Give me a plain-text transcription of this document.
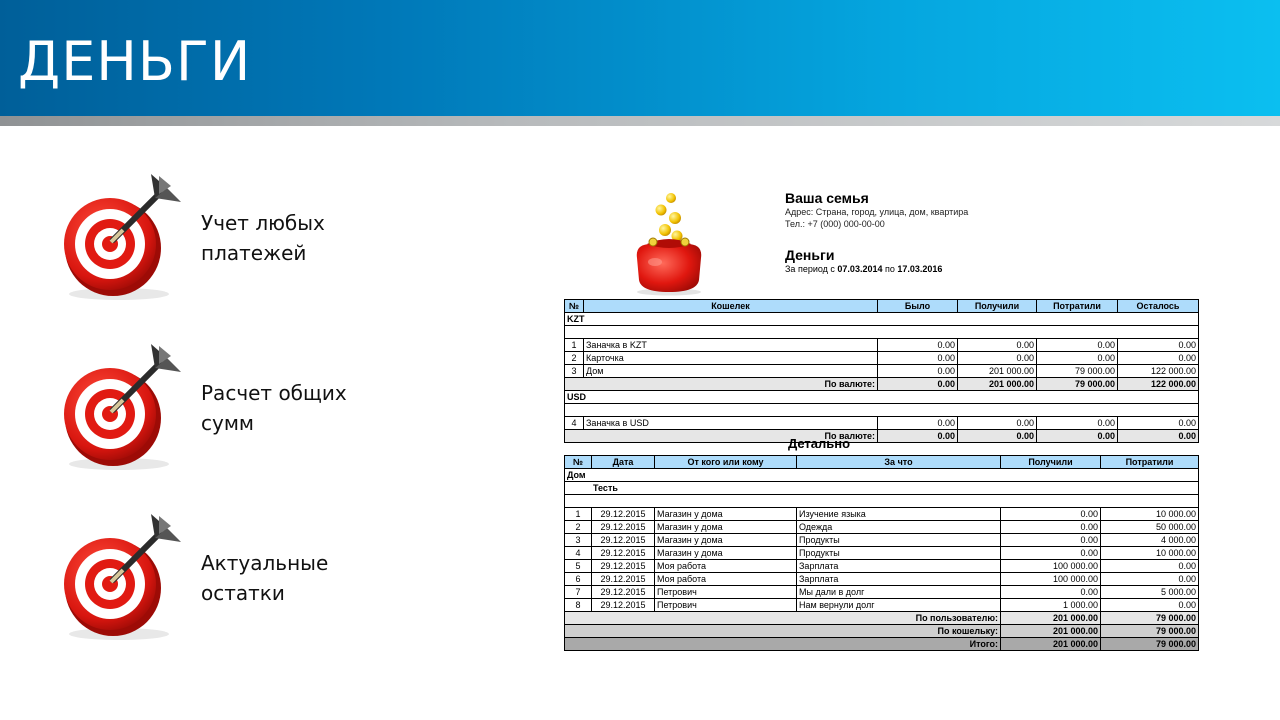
ДЕНЬГИ
Учет любых
платежей
Расчет общих
сумм
Актуальные
остатки
Ваша семья
Адрес: Страна, город, улица, дом, квартира
Тел.: +7 (000) 000-00-00
Деньги
За период с 07.03.2014 по 17.03.2016
№	Кошелек	Было	Получили	Потратили	Осталось
KZT					

1	Заначка в KZT	0.00	0.00	0.00	0.00
2	Карточка	0.00	0.00	0.00	0.00
3	Дом	0.00	201 000.00	79 000.00	122 000.00
По валюте:		0.00	201 000.00	79 000.00	122 000.00
USD					

4	Заначка в USD	0.00	0.00	0.00	0.00
По валюте:		0.00	0.00	0.00	0.00
Детально
№	Дата	От кого или кому	За что	Получили	Потратили
Дом					
Тесть					

1	29.12.2015	Магазин у дома	Изучение языка	0.00	10 000.00
2	29.12.2015	Магазин у дома	Одежда	0.00	50 000.00
3	29.12.2015	Магазин у дома	Продукты	0.00	4 000.00
4	29.12.2015	Магазин у дома	Продукты	0.00	10 000.00
5	29.12.2015	Моя работа	Зарплата	100 000.00	0.00
6	29.12.2015	Моя работа	Зарплата	100 000.00	0.00
7	29.12.2015	Петрович	Мы дали в долг	0.00	5 000.00
8	29.12.2015	Петрович	Нам вернули долг	1 000.00	0.00
По пользователю:				201 000.00	79 000.00
По кошельку:				201 000.00	79 000.00
Итого:				201 000.00	79 000.00
